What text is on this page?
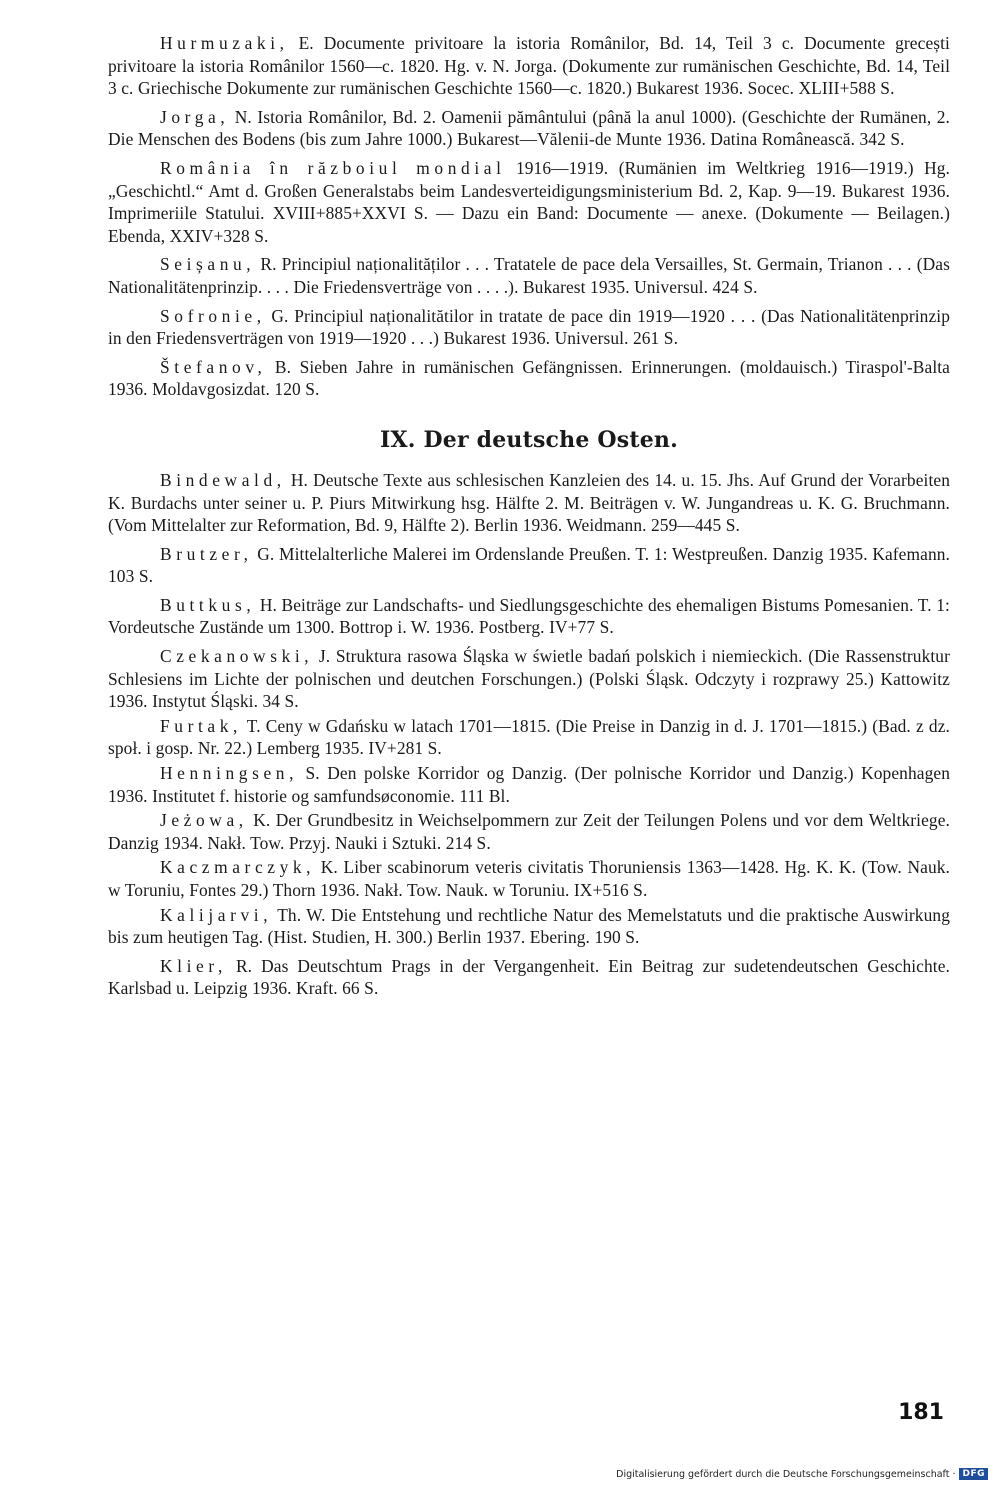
Hurmuzaki, E. Documente privitoare la istoria Românilor, Bd. 14, Teil 3 c. Documente grecești privitoare la istoria Românilor 1560—c. 1820. Hg. v. N. Jorga. (Dokumente zur rumänischen Geschichte, Bd. 14, Teil 3 c. Griechische Dokumente zur rumänischen Geschichte 1560—c. 1820.) Bukarest 1936. Socec. XLIII+588 S.

Jorga, N. Istoria Românilor, Bd. 2. Oamenii pământului (până la anul 1000). (Geschichte der Rumänen, 2. Die Menschen des Bodens (bis zum Jahre 1000.) Bukarest—Vălenii-de Munte 1936. Datina Românească. 342 S.

România în războiul mondial 1916—1919. (Rumänien im Weltkrieg 1916—1919.) Hg. „Geschichtl.“ Amt d. Großen Generalstabs beim Landesverteidigungsministerium Bd. 2, Kap. 9—19. Bukarest 1936. Imprimeriile Statului. XVIII+885+XXVI S. — Dazu ein Band: Documente — anexe. (Dokumente — Beilagen.) Ebenda, XXIV+328 S.

Seișanu, R. Principiul naționalităților . . . Tratatele de pace dela Versailles, St. Germain, Trianon . . . (Das Nationalitätenprinzip. . . . Die Friedensverträge von . . . .). Bukarest 1935. Universul. 424 S.

Sofronie, G. Principiul naționalitătilor in tratate de pace din 1919—1920 . . . (Das Nationalitätenprinzip in den Friedensverträgen von 1919—1920 . . .) Bukarest 1936. Universul. 261 S.

Štefanov, B. Sieben Jahre in rumänischen Gefängnissen. Erinnerungen. (moldauisch.) Tiraspol'-Balta 1936. Moldavgosizdat. 120 S.

IX. Der deutsche Osten.

Bindewald, H. Deutsche Texte aus schlesischen Kanzleien des 14. u. 15. Jhs. Auf Grund der Vorarbeiten K. Burdachs unter seiner u. P. Piurs Mitwirkung hsg. Hälfte 2. M. Beiträgen v. W. Jungandreas u. K. G. Bruchmann. (Vom Mittelalter zur Reformation, Bd. 9, Hälfte 2). Berlin 1936. Weidmann. 259—445 S.

Brutzer, G. Mittelalterliche Malerei im Ordenslande Preußen. T. 1: Westpreußen. Danzig 1935. Kafemann. 103 S.

Buttkus, H. Beiträge zur Landschafts- und Siedlungsgeschichte des ehemaligen Bistums Pomesanien. T. 1: Vordeutsche Zustände um 1300. Bottrop i. W. 1936. Postberg. IV+77 S.

Czekanowski, J. Struktura rasowa Śląska w świetle badań polskich i niemieckich. (Die Rassenstruktur Schlesiens im Lichte der polnischen und deutchen Forschungen.) (Polski Śląsk. Odczyty i rozprawy 25.) Kattowitz 1936. Instytut Śląski. 34 S.

Furtak, T. Ceny w Gdańsku w latach 1701—1815. (Die Preise in Danzig in d. J. 1701—1815.) (Bad. z dz. społ. i gosp. Nr. 22.) Lemberg 1935. IV+281 S.

Henningsen, S. Den polske Korridor og Danzig. (Der polnische Korridor und Danzig.) Kopenhagen 1936. Institutet f. historie og samfundsøconomie. 111 Bl.

Jeżowa, K. Der Grundbesitz in Weichselpommern zur Zeit der Teilungen Polens und vor dem Weltkriege. Danzig 1934. Nakł. Tow. Przyj. Nauki i Sztuki. 214 S.

Kaczmarczyk, K. Liber scabinorum veteris civitatis Thoruniensis 1363—1428. Hg. K. K. (Tow. Nauk. w Toruniu, Fontes 29.) Thorn 1936. Nakł. Tow. Nauk. w Toruniu. IX+516 S.

Kalijarvi, Th. W. Die Entstehung und rechtliche Natur des Memelstatuts und die praktische Auswirkung bis zum heutigen Tag. (Hist. Studien, H. 300.) Berlin 1937. Ebering. 190 S.

Klier, R. Das Deutschtum Prags in der Vergangenheit. Ein Beitrag zur sudetendeutschen Geschichte. Karlsbad u. Leipzig 1936. Kraft. 66 S.

181
Digitalisierung gefördert durch die Deutsche Forschungsgemeinschaft · DFG
